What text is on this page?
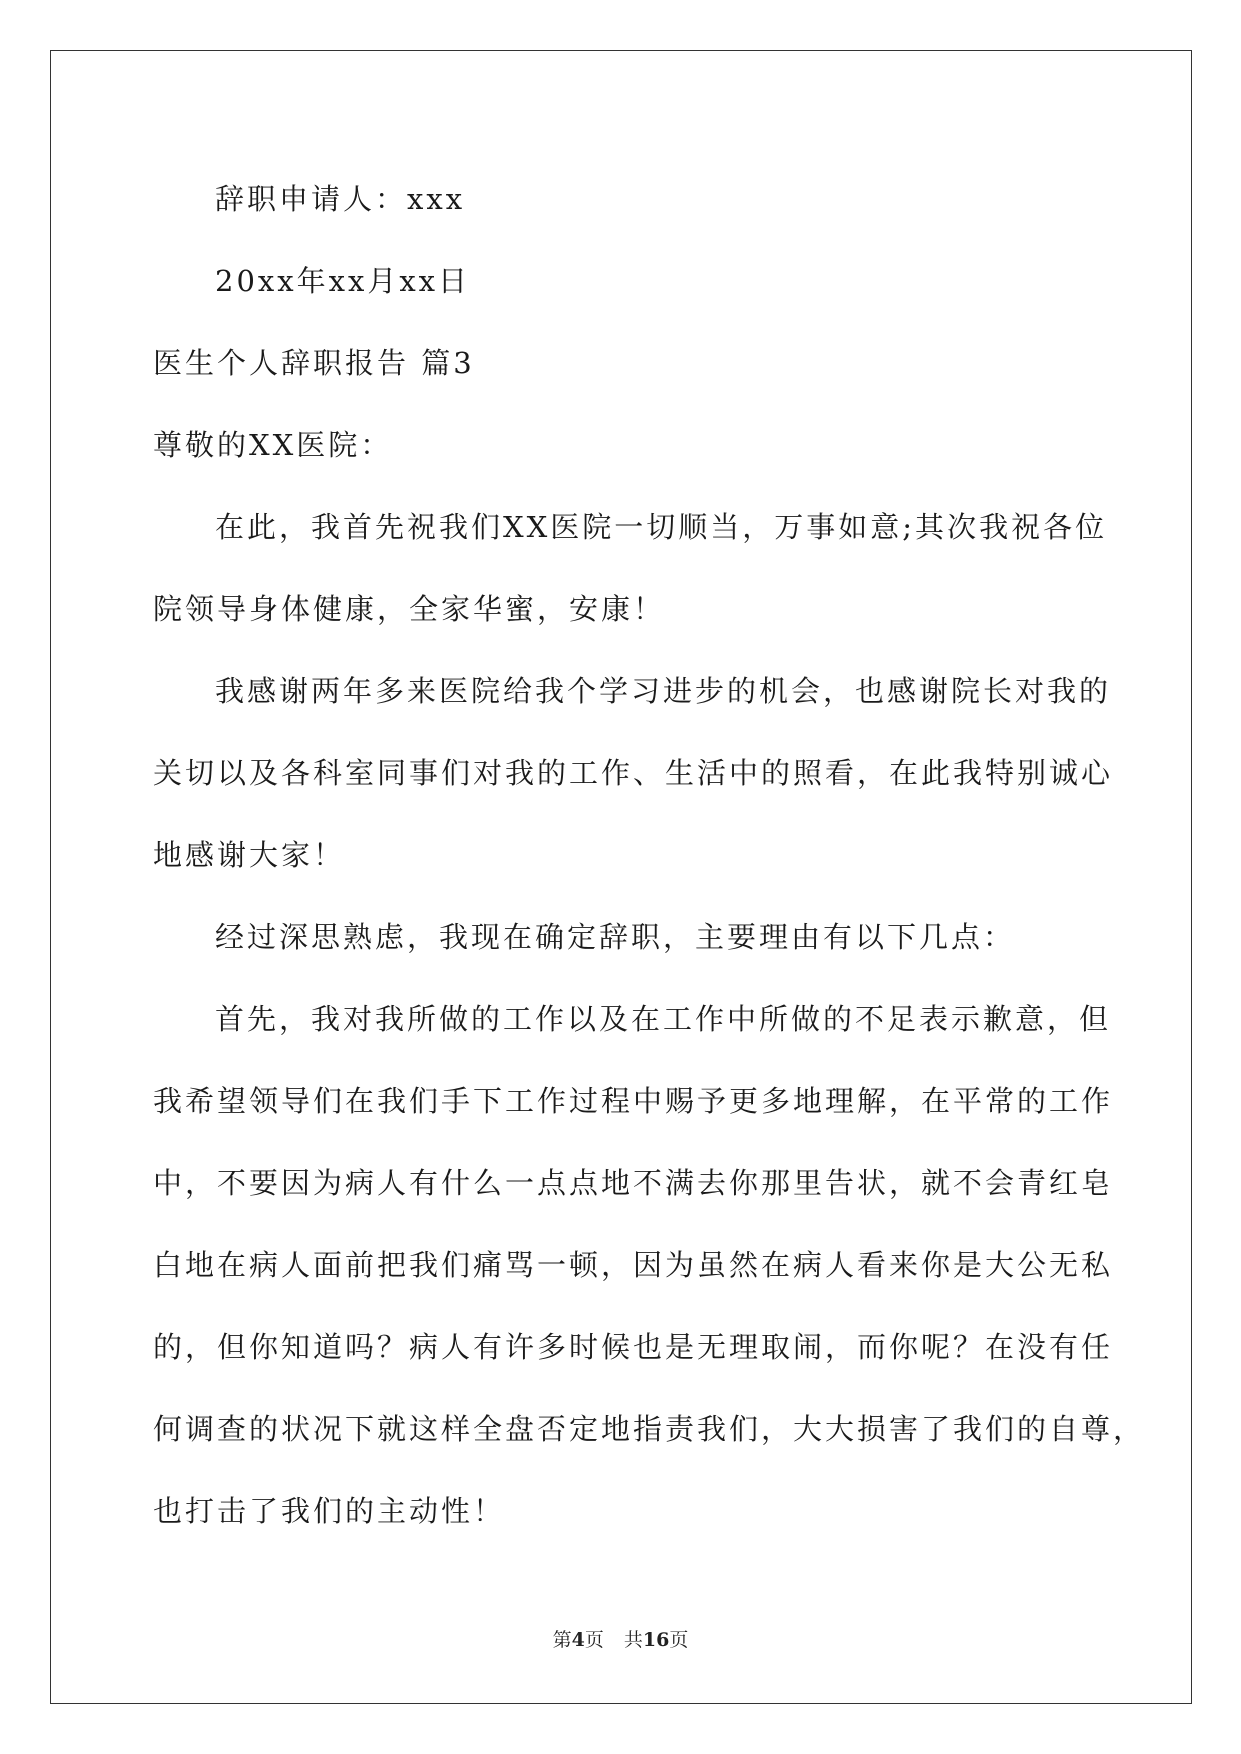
辞职申请人：xxx
20xx年xx月xx日
医生个人辞职报告 篇3
尊敬的XX医院：
在此，我首先祝我们XX医院一切顺当，万事如意;其次我祝各位
院领导身体健康，全家华蜜，安康！
我感谢两年多来医院给我个学习进步的机会，也感谢院长对我的
关切以及各科室同事们对我的工作、生活中的照看，在此我特别诚心
地感谢大家！
经过深思熟虑，我现在确定辞职，主要理由有以下几点：
首先，我对我所做的工作以及在工作中所做的不足表示歉意，但
我希望领导们在我们手下工作过程中赐予更多地理解，在平常的工作
中，不要因为病人有什么一点点地不满去你那里告状，就不会青红皂
白地在病人面前把我们痛骂一顿，因为虽然在病人看来你是大公无私
的，但你知道吗？病人有许多时候也是无理取闹，而你呢？在没有任
何调查的状况下就这样全盘否定地指责我们，大大损害了我们的自尊，
也打击了我们的主动性！
第4页 共16页
